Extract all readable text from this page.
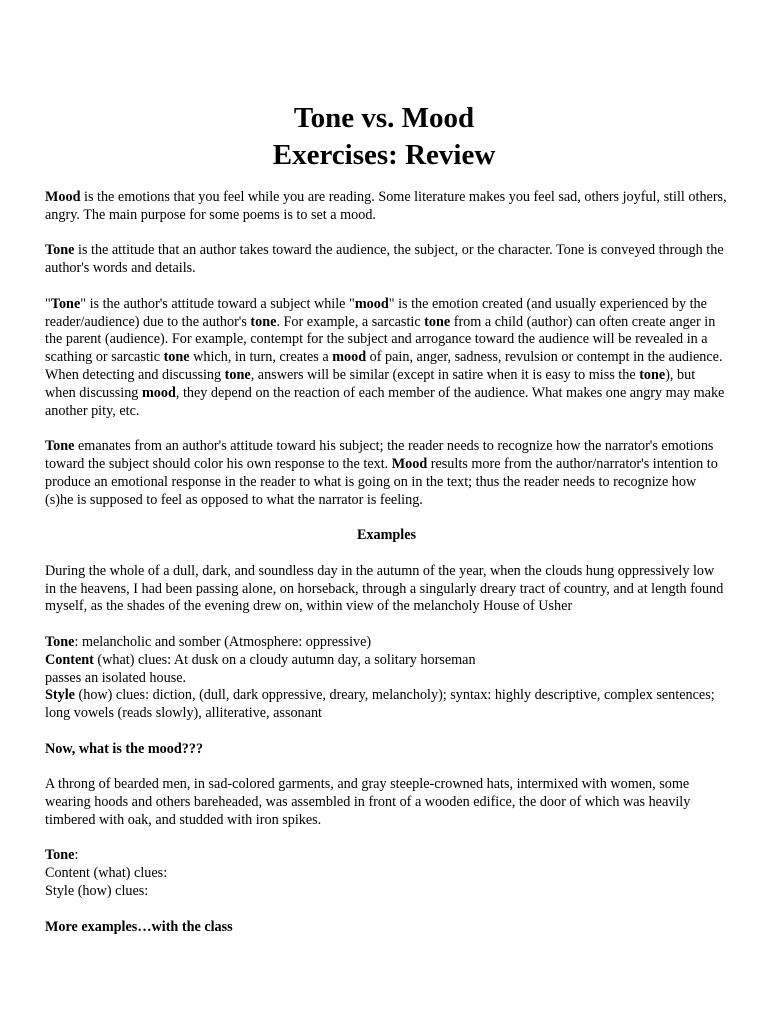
Tone vs. Mood
Exercises: Review

Mood is the emotions that you feel while you are reading. Some literature makes you feel sad, others joyful, still others, angry. The main purpose for some poems is to set a mood.

Tone is the attitude that an author takes toward the audience, the subject, or the character. Tone is conveyed through the author's words and details.

"Tone" is the author's attitude toward a subject while "mood" is the emotion created (and usually experienced by the reader/audience) due to the author's tone. For example, a sarcastic tone from a child (author) can often create anger in the parent (audience). For example, contempt for the subject and arrogance toward the audience will be revealed in a scathing or sarcastic tone which, in turn, creates a mood of pain, anger, sadness, revulsion or contempt in the audience. When detecting and discussing tone, answers will be similar (except in satire when it is easy to miss the tone), but when discussing mood, they depend on the reaction of each member of the audience. What makes one angry may make another pity, etc.

Tone emanates from an author's attitude toward his subject; the reader needs to recognize how the narrator's emotions toward the subject should color his own response to the text. Mood results more from the author/narrator's intention to produce an emotional response in the reader to what is going on in the text; thus the reader needs to recognize how (s)he is supposed to feel as opposed to what the narrator is feeling.

Examples

During the whole of a dull, dark, and soundless day in the autumn of the year, when the clouds hung oppressively low in the heavens, I had been passing alone, on horseback, through a singularly dreary tract of country, and at length found myself, as the shades of the evening drew on, within view of the melancholy House of Usher

Tone: melancholic and somber (Atmosphere: oppressive)

Content (what) clues: At dusk on a cloudy autumn day, a solitary horseman

passes an isolated house.

Style (how) clues: diction, (dull, dark oppressive, dreary, melancholy); syntax: highly descriptive, complex sentences; long vowels (reads slowly), alliterative, assonant

Now, what is the mood???

A throng of bearded men, in sad-colored garments, and gray steeple-crowned hats, intermixed with women, some wearing hoods and others bareheaded, was assembled in front of a wooden edifice, the door of which was heavily timbered with oak, and studded with iron spikes.

Tone:

Content (what) clues:

Style (how) clues:

More examples…with the class
